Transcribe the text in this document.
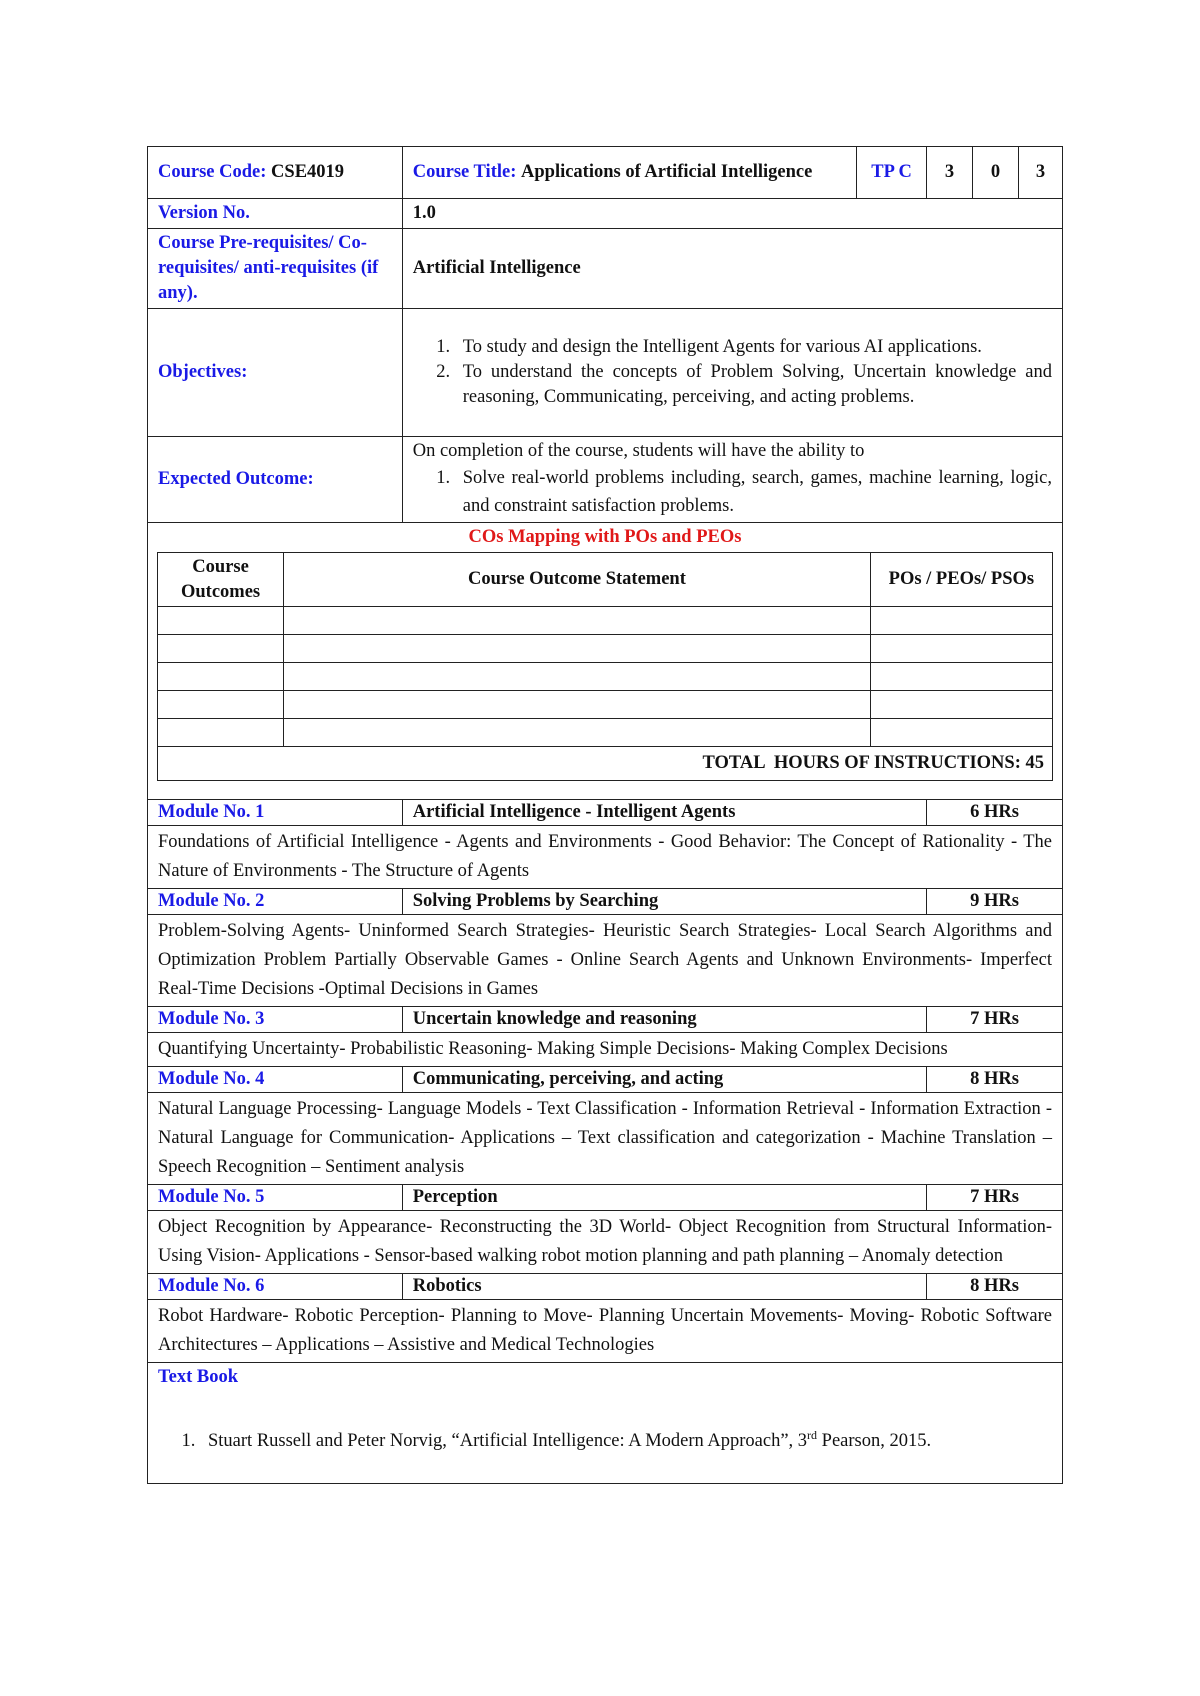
Course Code: CSE4019	Course Title: Applications of Artificial Intelligence	TP C	3	0	3
Version No.	1.0
Course Pre-requisites/ Co-requisites/ anti-requisites (if any).	Artificial Intelligence
Objectives:	
1. To study and design the Intelligent Agents for various AI applications.
2. To understand the concepts of Problem Solving, Uncertain knowledge and reasoning, Communicating, perceiving, and acting problems.

Expected Outcome:	
On completion of the course, students will have the ability to
1. Solve real-world problems including, search, games, machine learning, logic, and constraint satisfaction problems.

COs Mapping with POs and PEOs
Course Outcomes	Course Outcome Statement	POs / PEOs/ PSOs

TOTAL  HOURS OF INSTRUCTIONS: 45

Module No. 1	Artificial Intelligence - Intelligent Agents	6 HRs
Foundations of Artificial Intelligence - Agents and Environments - Good Behavior: The Concept of Rationality - The Nature of Environments - The Structure of Agents
Module No. 2	Solving Problems by Searching	9 HRs
Problem-Solving Agents- Uninformed Search Strategies- Heuristic Search Strategies- Local Search Algorithms and Optimization Problem Partially Observable Games - Online Search Agents and Unknown Environments- Imperfect Real-Time Decisions -Optimal Decisions in Games
Module No. 3	Uncertain knowledge and reasoning	7 HRs
Quantifying Uncertainty- Probabilistic Reasoning- Making Simple Decisions- Making Complex Decisions
Module No. 4	Communicating, perceiving, and acting	8 HRs
Natural Language Processing- Language Models - Text Classification - Information Retrieval - Information Extraction -Natural Language for Communication- Applications – Text classification and categorization - Machine Translation – Speech Recognition – Sentiment analysis
Module No. 5	Perception	7 HRs
Object Recognition by Appearance- Reconstructing the 3D World- Object Recognition from Structural Information- Using Vision- Applications - Sensor-based walking robot motion planning and path planning – Anomaly detection
Module No. 6	Robotics	8 HRs
Robot Hardware- Robotic Perception- Planning to Move- Planning Uncertain Movements- Moving- Robotic Software Architectures – Applications – Assistive and Medical Technologies

Text Book
1. Stuart Russell and Peter Norvig, “Artificial Intelligence: A Modern Approach”, 3rd Pearson, 2015.
